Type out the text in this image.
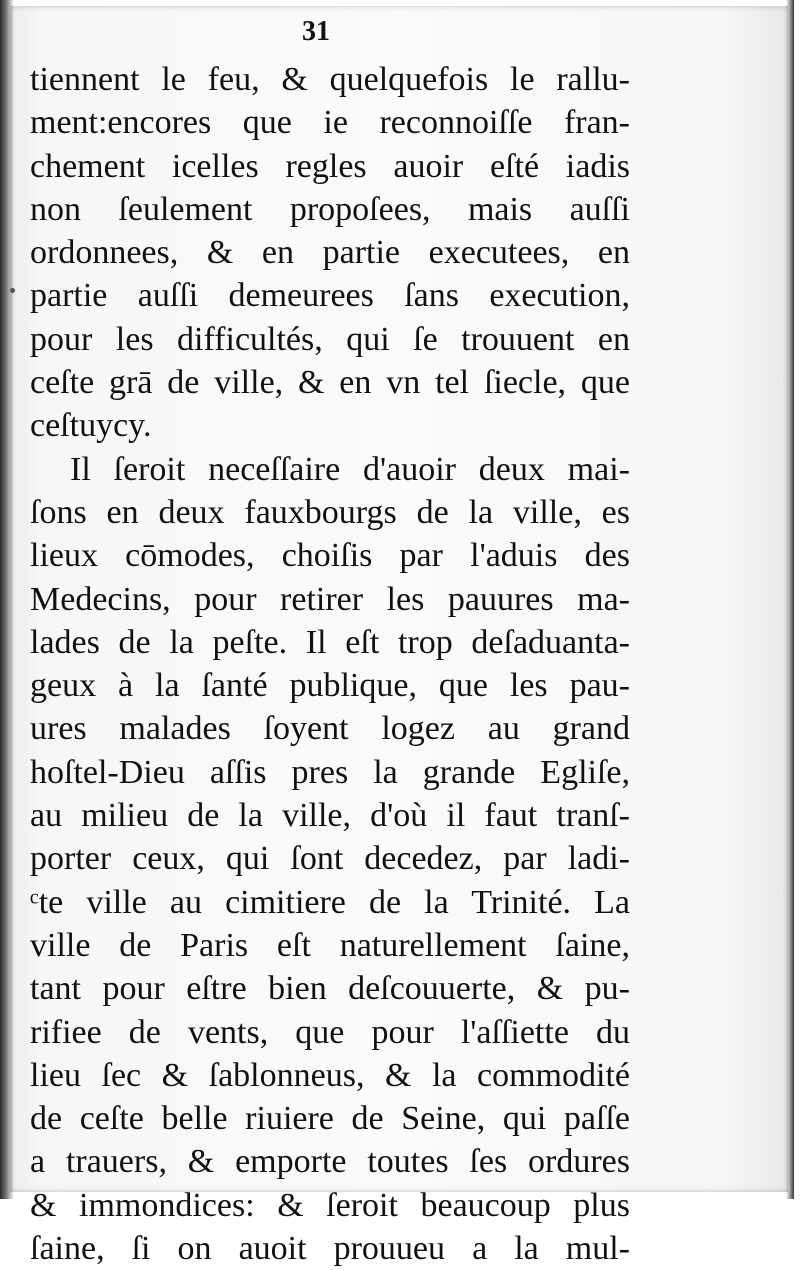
31
tiennent le feu, & quelquefois le rallu-
ment:encores que ie reconnoiſſe fran-
chement icelles regles auoir eſté iadis
non ſeulement propoſees, mais auſſi
ordonnees, & en partie executees, en
partie auſſi demeurees ſans execution,
pour les difficultés, qui ſe trouuent en
ceſte grā de ville, & en vn tel ſiecle, que
ceſtuycy.
Il ſeroit neceſſaire d'auoir deux mai-
ſons en deux fauxbourgs de la ville, es
lieux cōmodes, choiſis par l'aduis des
Medecins, pour retirer les pauures ma-
lades de la peſte. Il eſt trop deſaduanta-
geux à la ſanté publique, que les pau-
ures malades ſoyent logez au grand
hoſtel-Dieu aſſis pres la grande Egliſe,
au milieu de la ville, d'où il faut tranſ-
porter ceux, qui ſont decedez, par ladi-
ᶜte ville au cimitiere de la Trinité. La
ville de Paris eſt naturellement ſaine,
tant pour eſtre bien deſcouuerte, & pu-
rifiee de vents, que pour l'aſſiette du
lieu ſec & ſablonneus, & la commodité
de ceſte belle riuiere de Seine, qui paſſe
a trauers, & emporte toutes ſes ordures
& immondices: & ſeroit beaucoup plus
ſaine, ſi on auoit prouueu a la mul-
